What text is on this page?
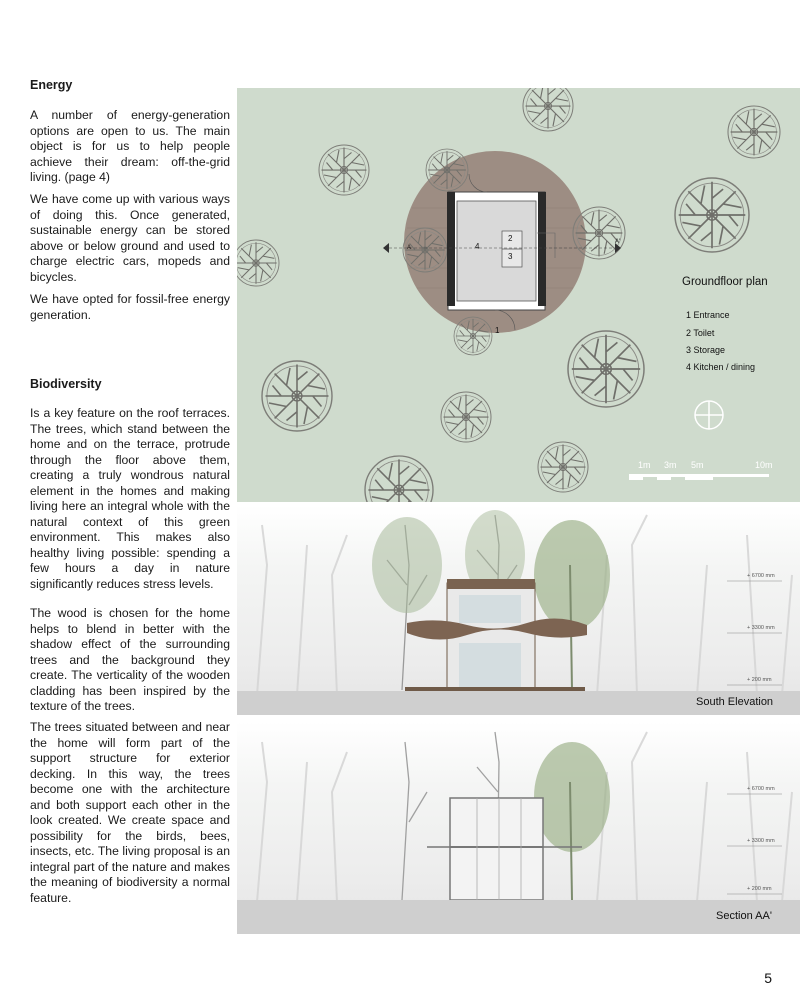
Energy

A number of energy-generation options are open to us. The main object is for us to help people achieve their dream: off-the-grid living. (page 4)

We have come up with various ways of doing this. Once generated, sustainable energy can be stored above or below ground and used to charge electric cars, mopeds and bicycles.

We have opted for fossil-free energy generation.

Biodiversity

Is a key feature on the roof terraces. The trees, which stand between the home and on the terrace, protrude through the floor above them, creating a truly wondrous natural element in the homes and making living here an integral whole with the natural context of this green environment. This makes also healthy living possible: spending a few hours a day in nature significantly reduces stress levels.

The wood is chosen for the home helps to blend in better with the shadow effect of the surrounding trees and the background they create. The verticality of the wooden cladding has been inspired by the texture of the trees.

The trees situated between and near the home will form part of the support structure for exterior decking. In this way, the trees become one with the architecture and both support each other in the look created. We create space and possibility for the birds, bees, insects, etc. The living proposal is an integral part of the nature and makes the meaning of biodiversity a normal feature.

A
A'
1
2
3
4
Groundfloor plan
1 Entrance
2 Toilet
3 Storage
4 Kitchen / dining
1m 3m 5m	10m
+ 6700 mm
+ 3300 mm
+ 200 mm
South Elevation
+ 6700 mm
+ 3300 mm
+ 200 mm
Section AA'
5
